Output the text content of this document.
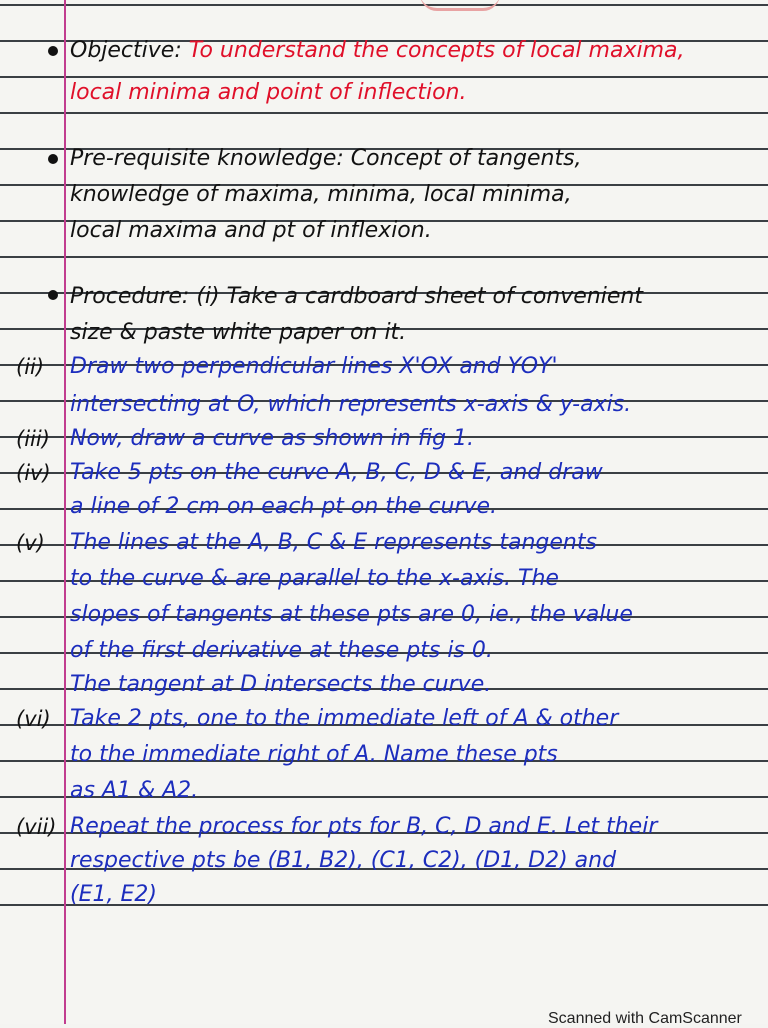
Objective: To understand the concepts of local maxima,
local minima and point of inflection.
Pre-requisite knowledge: Concept of tangents,
knowledge of maxima, minima, local minima,
local maxima and pt of inflexion.
Procedure: (i) Take a cardboard sheet of convenient
size & paste white paper on it.
(ii)	Draw two perpendicular lines X'OX and YOY'
intersecting at O, which represents x-axis & y-axis.
(iii) Now, draw a curve as shown in fig 1.
(iv) Take 5 pts on the curve A, B, C, D & E, and draw
a line of 2 cm on each pt on the curve.
(v)	The lines at the A, B, C & E represents tangents
to the curve & are parallel to the x-axis. The
slopes of tangents at these pts are 0, ie., the value
of the first derivative at these pts is 0.
The tangent at D intersects the curve.
(vi) Take 2 pts, one to the immediate left of A & other
to the immediate right of A. Name these pts
as A1 & A2.
(vii) Repeat the process for pts for B, C, D and E. Let their
respective pts be (B1, B2), (C1, C2), (D1, D2) and
(E1, E2)
Scanned with CamScanner
